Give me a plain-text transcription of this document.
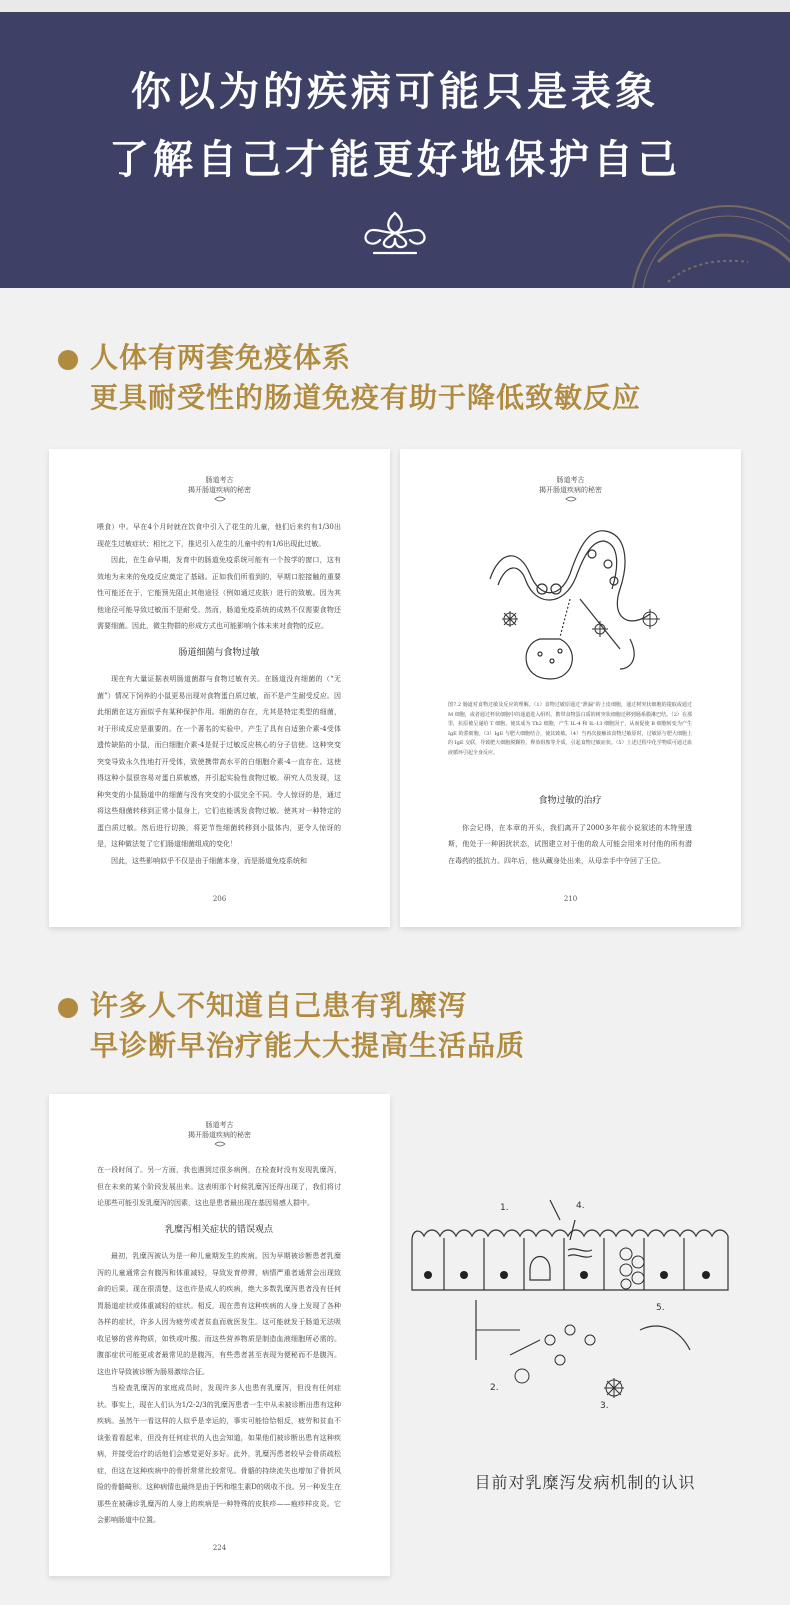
你以为的疾病可能只是表象
了解自己才能更好地保护自己
人体有两套免疫体系
更具耐受性的肠道免疫有助于降低致敏反应
肠道考古
揭开肠道疾病的秘密

喂食）中。早在4个月时就在饮食中引入了花生的儿童，他们后来约有1/30出现花生过敏症状；相比之下，推迟引入花生的儿童中约有1/6出现此过敏。

因此，在生命早期，发育中的肠道免疫系统可能有一个按学的窗口，这有效地为未来的免疫反应奠定了基础。正如我们所看到的，早期口腔接触的重要性可能还在于，它能预先阻止其他途径（例如通过皮肤）进行的致敏。因为其他途径可能导致过敏而不是耐受。然而，肠道免疫系统的成熟不仅需要食物还需要细菌。因此，微生物群的形成方式也可能影响个体未来对食物的反应。

肠道细菌与食物过敏

现在有大量证据表明肠道菌群与食物过敏有关。在肠道没有细菌的（“无菌”）情况下饲养的小鼠更易出现对食物蛋白质过敏，而不是产生耐受反应。因此细菌在这方面似乎有某种保护作用。细菌的存在，尤其是特定类型的细菌，对于形成反应是重要的。在一个著名的实验中，产生了具有自适独介素-4受体遗传缺陷的小鼠，而白细胞介素-4是促于过敏反应核心的分子信使。这种突变突变导致永久性地打开受体，致使携带高水平的白细胞介素-4一直存在。这使得这种小鼠很容易对蛋白质敏感，并引起实验性食物过敏。研究人员发现，这种突变的小鼠肠道中的细菌与没有突变的小鼠完全不同。令人惊讶的是，通过将这些细菌转移到正常小鼠身上，它们也能诱发食物过敏。使其对一种特定的蛋白质过敏。然后进行切换，将更节性细菌转移到小鼠体内，更令人惊讶的是，这种做法复了它们肠道细菌组成的变化！

因此，这些影响似乎不仅是由于细菌本身，而是肠道免疫系统和

206
肠道考古
揭开肠道疾病的秘密
图7.2 肠道对食物过敏及反应的理解。（1）食物过敏原通过“泄漏”的上皮细胞，通过树突状细胞的提取或通过 M 细胞，或者通过杯状细胞中的通道进入组织。携带食物蛋白质的树突状细胞迁移到肠系膜淋巴结。（2）在那里，抗原被呈递给 T 细胞，使其成为 Th2 细胞，产生 IL-4 和 IL-13 细胞因子，从而促使 B 细胞转变为产生 IgE 的浆细胞。（3）IgE 与肥大细胞结合，使其致敏。（4）当再次接触该食物过敏原时，过敏原与肥大细胞上的 IgE 交联，导致肥大细胞脱颗粒，释放组胺等介质，引起食物过敏症状。（5）上述过程中化学物质可通过血液循环引起全身反应。
食物过敏的治疗

你会记得，在本章的开头，我们离开了2000多年前小说叙述的木特里透斯，他处于一种困扰状态，试图建立对于他的敌人可能会用来对付他的所有潜在毒药的抵抗力。四年后，他从藏身处出来，从母亲手中夺回了王位。

210
许多人不知道自己患有乳糜泻
早诊断早治疗能大大提高生活品质
肠道考古
揭开肠道疾病的秘密

在一段时间了。另一方面，我也遇到过很多病例，在检查时没有发现乳糜泻，但在未来的某个阶段发展出来。这表明那个时候乳糜泻还得出现了，我们将讨论那些可能引发乳糜泻的因素，这也是患者最出现在基因易感人群中。

乳糜泻相关症状的错误观点

最初，乳糜泻被认为是一种儿童期发生的疾病。因为早期被诊断患者乳糜泻的儿童通常会有腹泻和体重减轻，导致发育停滞，病情严重者通常会出现致命的后果。现在很清楚，这也许是成人的疾病，绝大多数乳糜泻患者没有任何胃肠道症状或体重减轻的症状。相反，现在患有这种疾病的人身上发现了各种各样的症状，许多人因为疲劳或者贫血而就医发生。这可能就发于肠道无法吸收足够的营养物质，如铁或叶酸。而这些营养物质是制造血液细胞所必需的。腹部症状可能更或者最常见的是腹泻，有些患者甚至表现为便秘而不是腹泻。这也许导致被诊断为肠易激综合征。

当检查乳糜泻的家庭成员时，发现许多人也患有乳糜泻，但没有任何症状。事实上，现在人们认为1/2-2/3的乳糜泻患者一生中从未被诊断出患有这种疾病。虽然午一看这样的人似乎是幸运的，事实可能恰恰相反，疲劳和贫血不谈张看看起来，但没有任何症状的人也会知道，如果他们被诊断出患有这种疾病，并接受治疗的话他们会感觉更好多好。此外，乳糜泻患者较早会骨质疏松症，但这在这种疾病中的骨折常常比较常见。骨骼的持续流失也增加了骨折风险的骨骼畸形。这种病情也最终是由于钙和维生素D的吸收不良。另一种发生在那些在被确诊乳糜泻的人身上的疾病是一种特殊的皮肤疹——疱疹样皮炎。它会影响肠道中位置。

224
1.
2.
3.
4.
5.
目前对乳糜泻发病机制的认识
